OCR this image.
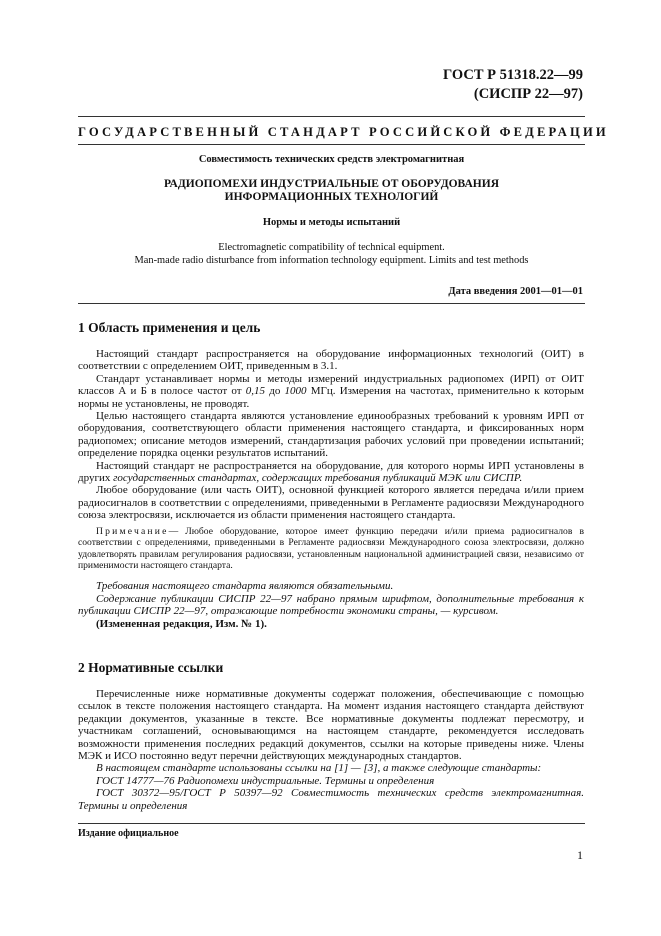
ГОСТ Р 51318.22—99
(СИСПР 22—97)
ГОСУДАРСТВЕННЫЙ СТАНДАРТ РОССИЙСКОЙ ФЕДЕРАЦИИ
Совместимость технических средств электромагнитная
РАДИОПОМЕХИ ИНДУСТРИАЛЬНЫЕ ОТ ОБОРУДОВАНИЯ
ИНФОРМАЦИОННЫХ ТЕХНОЛОГИЙ
Нормы и методы испытаний
Electromagnetic compatibility of technical equipment.
Man-made radio disturbance from information technology equipment. Limits and test methods
Дата введения 2001—01—01
1 Область применения и цель

Настоящий стандарт распространяется на оборудование информационных технологий (ОИТ) в соответствии с определением ОИТ, приведенным в 3.1.

Стандарт устанавливает нормы и методы измерений индустриальных радиопомех (ИРП) от ОИТ классов А и Б в полосе частот от 0,15 до 1000 МГц. Измерения на частотах, применительно к которым нормы не установлены, не проводят.

Целью настоящего стандарта являются установление единообразных требований к уровням ИРП от оборудования, соответствующего области применения настоящего стандарта, и фиксированных норм радиопомех; описание методов измерений, стандартизация рабочих условий при проведении испытаний; определение порядка оценки результатов испытаний.

Настоящий стандарт не распространяется на оборудование, для которого нормы ИРП установлены в других государственных стандартах, содержащих требования публикаций МЭК или СИСПР.

Любое оборудование (или часть ОИТ), основной функцией которого является передача и/или прием радиосигналов в соответствии с определениями, приведенными в Регламенте радиосвязи Международного союза электросвязи, исключается из области применения настоящего стандарта.

Примечание— Любое оборудование, которое имеет функцию передачи и/или приема радиосигналов в соответствии с определениями, приведенными в Регламенте радиосвязи Международного союза электросвязи, должно удовлетворять правилам регулирования радиосвязи, установленным национальной администрацией связи, независимо от применимости настоящего стандарта.

Требования настоящего стандарта являются обязательными.

Содержание публикации СИСПР 22—97 набрано прямым шрифтом, дополнительные требования к публикации СИСПР 22—97, отражающие потребности экономики страны, — курсивом.

(Измененная редакция, Изм. № 1).

2 Нормативные ссылки

Перечисленные ниже нормативные документы содержат положения, обеспечивающие с помощью ссылок в тексте положения настоящего стандарта. На момент издания настоящего стандарта действуют редакции документов, указанные в тексте. Все нормативные документы подлежат пересмотру, и участникам соглашений, основывающимся на настоящем стандарте, рекомендуется исследовать возможности применения последних редакций документов, ссылки на которые приведены ниже. Члены МЭК и ИСО постоянно ведут перечни действующих международных стандартов.

В настоящем стандарте использованы ссылки на [1] — [3], а также следующие стандарты:

ГОСТ 14777—76 Радиопомехи индустриальные. Термины и определения

ГОСТ 30372—95/ГОСТ Р 50397—92 Совместимость технических средств электромагнитная. Термины и определения

Издание официальное
1
